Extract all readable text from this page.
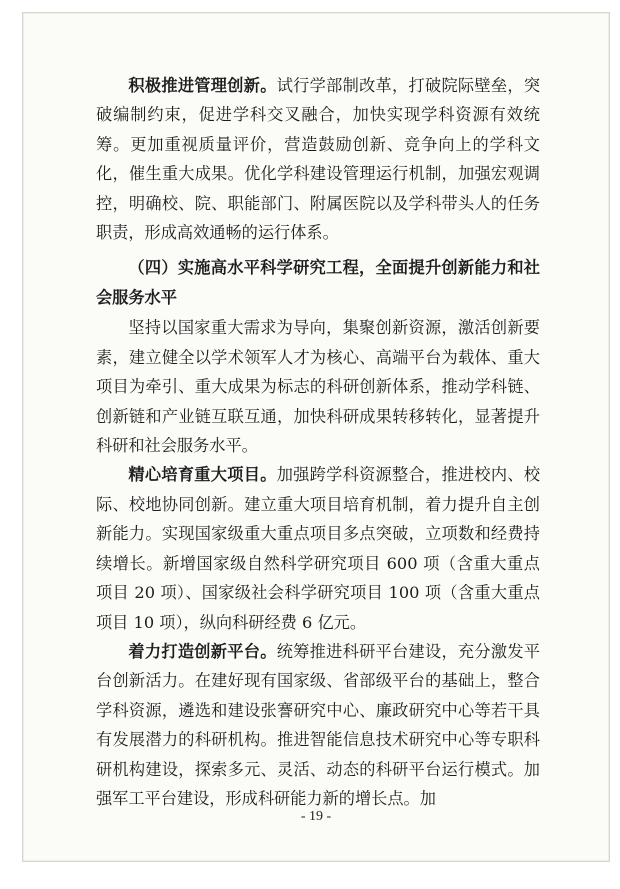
积极推进管理创新。试行学部制改革，打破院际壁垒，突破编制约束，促进学科交叉融合，加快实现学科资源有效统筹。更加重视质量评价，营造鼓励创新、竞争向上的学科文化，催生重大成果。优化学科建设管理运行机制，加强宏观调控，明确校、院、职能部门、附属医院以及学科带头人的任务职责，形成高效通畅的运行体系。

（四）实施高水平科学研究工程，全面提升创新能力和社会服务水平

坚持以国家重大需求为导向，集聚创新资源，激活创新要素，建立健全以学术领军人才为核心、高端平台为载体、重大项目为牵引、重大成果为标志的科研创新体系，推动学科链、创新链和产业链互联互通，加快科研成果转移转化，显著提升科研和社会服务水平。

精心培育重大项目。加强跨学科资源整合，推进校内、校际、校地协同创新。建立重大项目培育机制，着力提升自主创新能力。实现国家级重大重点项目多点突破，立项数和经费持续增长。新增国家级自然科学研究项目 600 项（含重大重点项目 20 项）、国家级社会科学研究项目 100 项（含重大重点项目 10 项），纵向科研经费 6 亿元。

着力打造创新平台。统筹推进科研平台建设，充分激发平台创新活力。在建好现有国家级、省部级平台的基础上，整合学科资源，遴选和建设张謇研究中心、廉政研究中心等若干具有发展潜力的科研机构。推进智能信息技术研究中心等专职科研机构建设，探索多元、灵活、动态的科研平台运行模式。加强军工平台建设，形成科研能力新的增长点。加

- 19 -
